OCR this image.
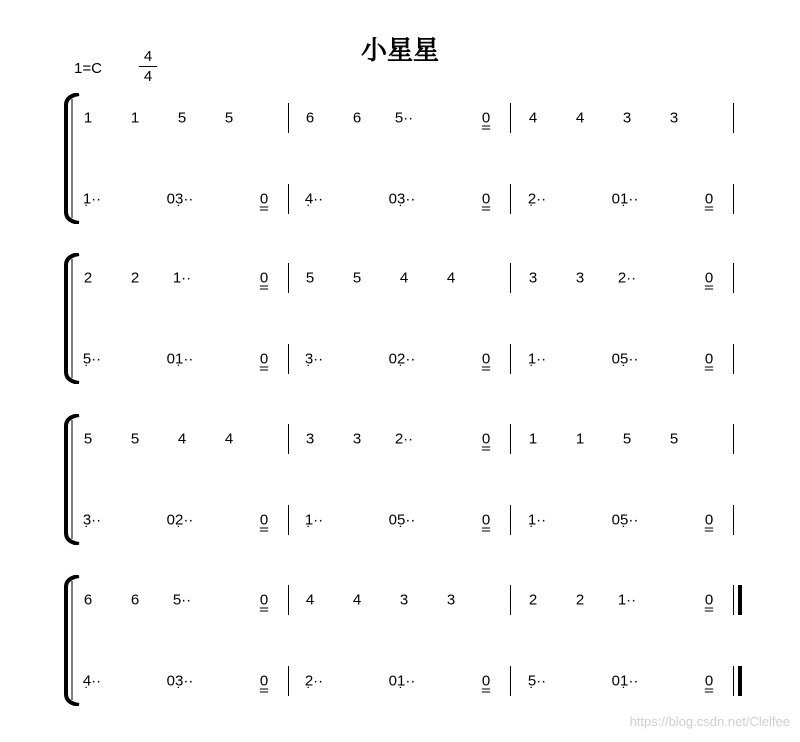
小星星
1=C
4
4
1	1	5	5	6	6 5··	0	4	4	3	3
1̣··	03̣··	0 4̣··	03̣··	0	2̣··	01̣··	0
2	2 1··	0	5	5	4	4	3	3 2··	0
5̣··	01̣··	0 3̣··	02̣··	0	1̣··	05̣··	0
5	5	4	4	3	3 2··	0	1	1	5	5
3̣··	02̣··	0 1̣··	05̣··	0	1̣··	05̣··	0
6	6 5··	0	4	4	3	3	2	2 1··	0
4̣··	03̣··	0 2̣··	01̣··	0	5̣··	01̣··	0
https://blog.csdn.net/Clelfee
